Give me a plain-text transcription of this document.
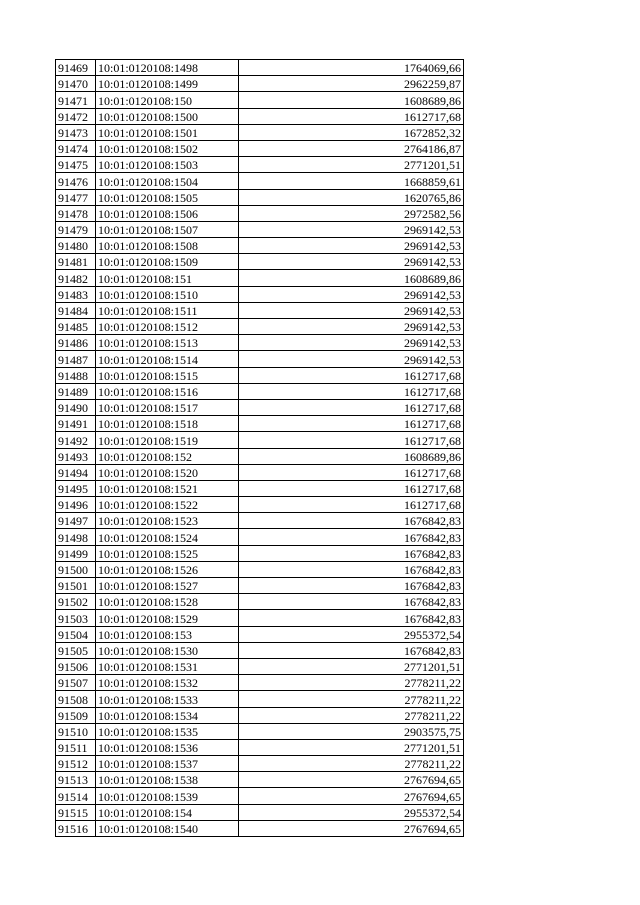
91469	10:01:0120108:1498	1764069,66
91470	10:01:0120108:1499	2962259,87
91471	10:01:0120108:150	1608689,86
91472	10:01:0120108:1500	1612717,68
91473	10:01:0120108:1501	1672852,32
91474	10:01:0120108:1502	2764186,87
91475	10:01:0120108:1503	2771201,51
91476	10:01:0120108:1504	1668859,61
91477	10:01:0120108:1505	1620765,86
91478	10:01:0120108:1506	2972582,56
91479	10:01:0120108:1507	2969142,53
91480	10:01:0120108:1508	2969142,53
91481	10:01:0120108:1509	2969142,53
91482	10:01:0120108:151	1608689,86
91483	10:01:0120108:1510	2969142,53
91484	10:01:0120108:1511	2969142,53
91485	10:01:0120108:1512	2969142,53
91486	10:01:0120108:1513	2969142,53
91487	10:01:0120108:1514	2969142,53
91488	10:01:0120108:1515	1612717,68
91489	10:01:0120108:1516	1612717,68
91490	10:01:0120108:1517	1612717,68
91491	10:01:0120108:1518	1612717,68
91492	10:01:0120108:1519	1612717,68
91493	10:01:0120108:152	1608689,86
91494	10:01:0120108:1520	1612717,68
91495	10:01:0120108:1521	1612717,68
91496	10:01:0120108:1522	1612717,68
91497	10:01:0120108:1523	1676842,83
91498	10:01:0120108:1524	1676842,83
91499	10:01:0120108:1525	1676842,83
91500	10:01:0120108:1526	1676842,83
91501	10:01:0120108:1527	1676842,83
91502	10:01:0120108:1528	1676842,83
91503	10:01:0120108:1529	1676842,83
91504	10:01:0120108:153	2955372,54
91505	10:01:0120108:1530	1676842,83
91506	10:01:0120108:1531	2771201,51
91507	10:01:0120108:1532	2778211,22
91508	10:01:0120108:1533	2778211,22
91509	10:01:0120108:1534	2778211,22
91510	10:01:0120108:1535	2903575,75
91511	10:01:0120108:1536	2771201,51
91512	10:01:0120108:1537	2778211,22
91513	10:01:0120108:1538	2767694,65
91514	10:01:0120108:1539	2767694,65
91515	10:01:0120108:154	2955372,54
91516	10:01:0120108:1540	2767694,65
